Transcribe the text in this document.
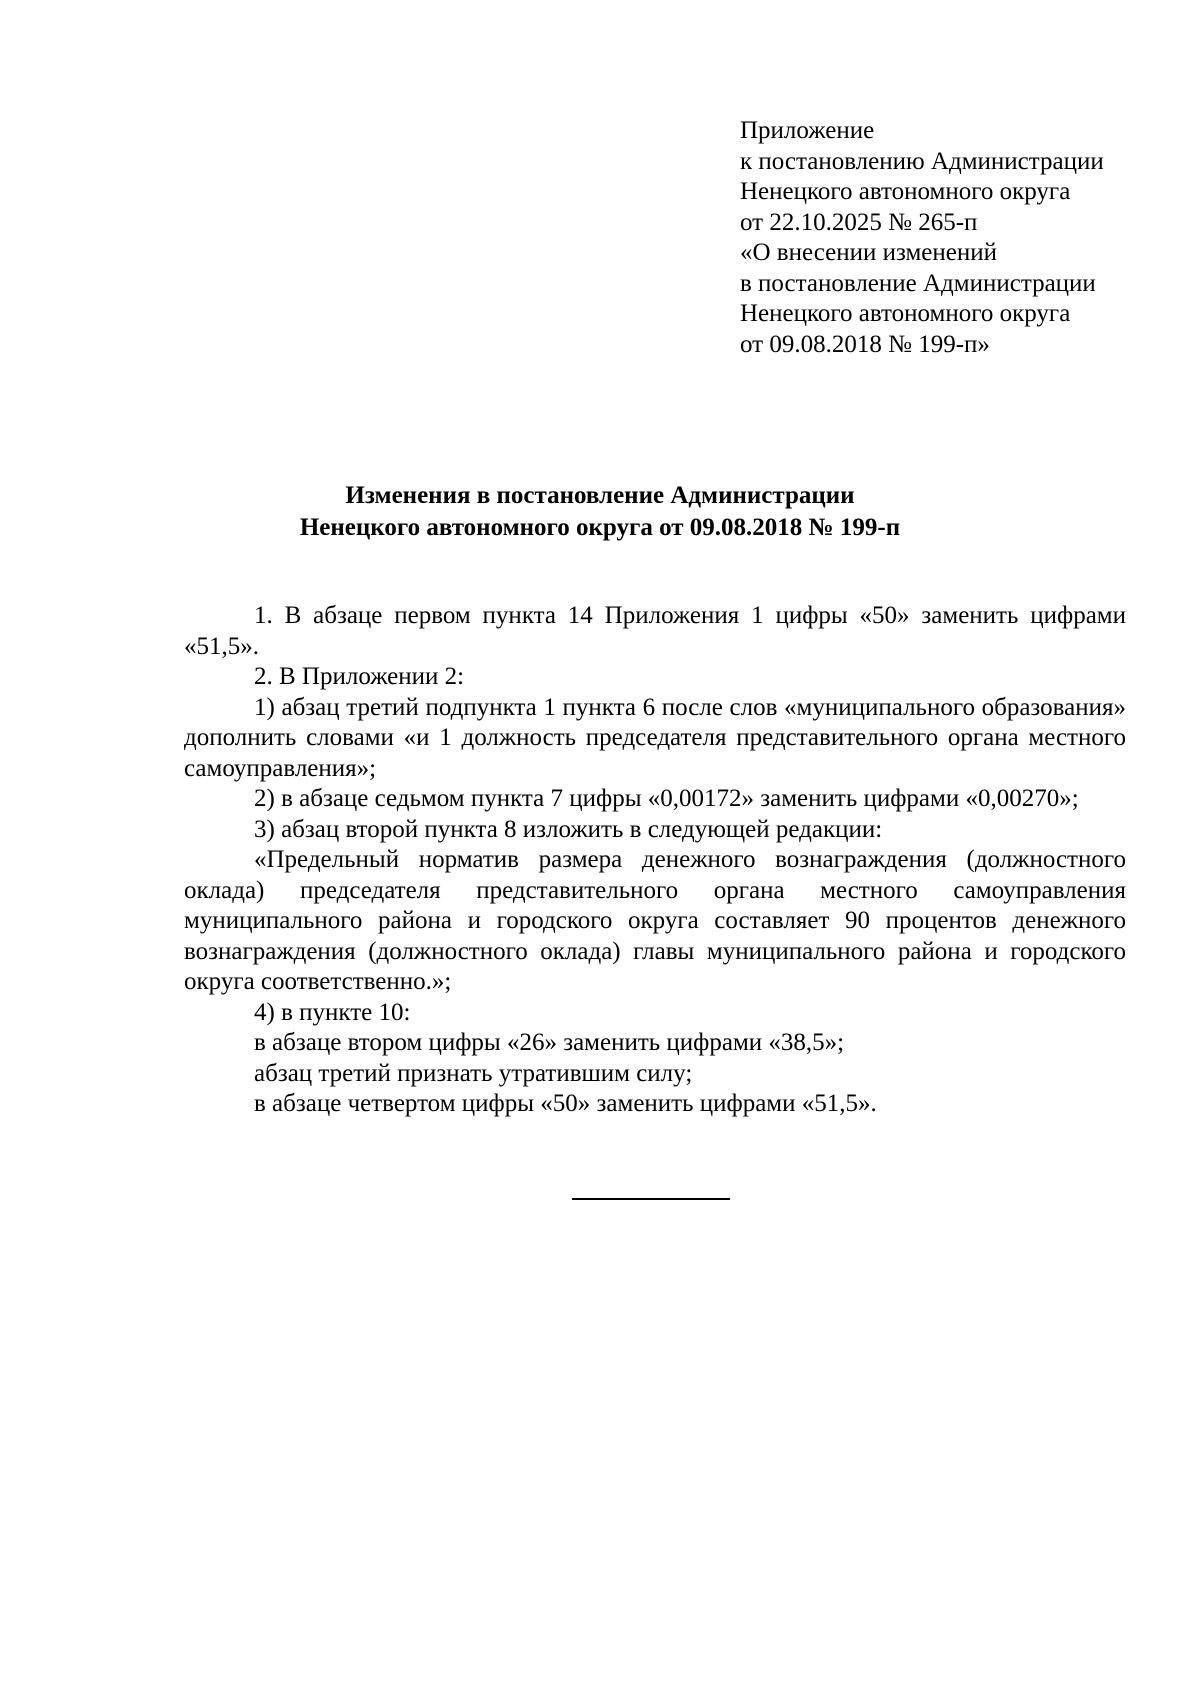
Приложение
к постановлению Администрации
Ненецкого автономного округа
от 22.10.2025 № 265-п
«О внесении изменений
в постановление Администрации
Ненецкого автономного округа
от 09.08.2018 № 199-п»
Изменения в постановление Администрации
Ненецкого автономного округа от 09.08.2018 № 199-п

1. В абзаце первом пункта 14 Приложения 1 цифры «50» заменить цифрами «51,5».

2. В Приложении 2:

1) абзац третий подпункта 1 пункта 6 после слов «муниципального образования» дополнить словами «и 1 должность председателя представительного органа местного самоуправления»;

2) в абзаце седьмом пункта 7 цифры «0,00172» заменить цифрами «0,00270»;

3) абзац второй пункта 8 изложить в следующей редакции:

«Предельный норматив размера денежного вознаграждения (должностного оклада) председателя представительного органа местного самоуправления муниципального района и городского округа составляет 90 процентов денежного вознаграждения (должностного оклада) главы муниципального района и городского округа соответственно.»;

4) в пункте 10:

в абзаце втором цифры «26» заменить цифрами «38,5»;

абзац третий признать утратившим силу;

в абзаце четвертом цифры «50» заменить цифрами «51,5».
